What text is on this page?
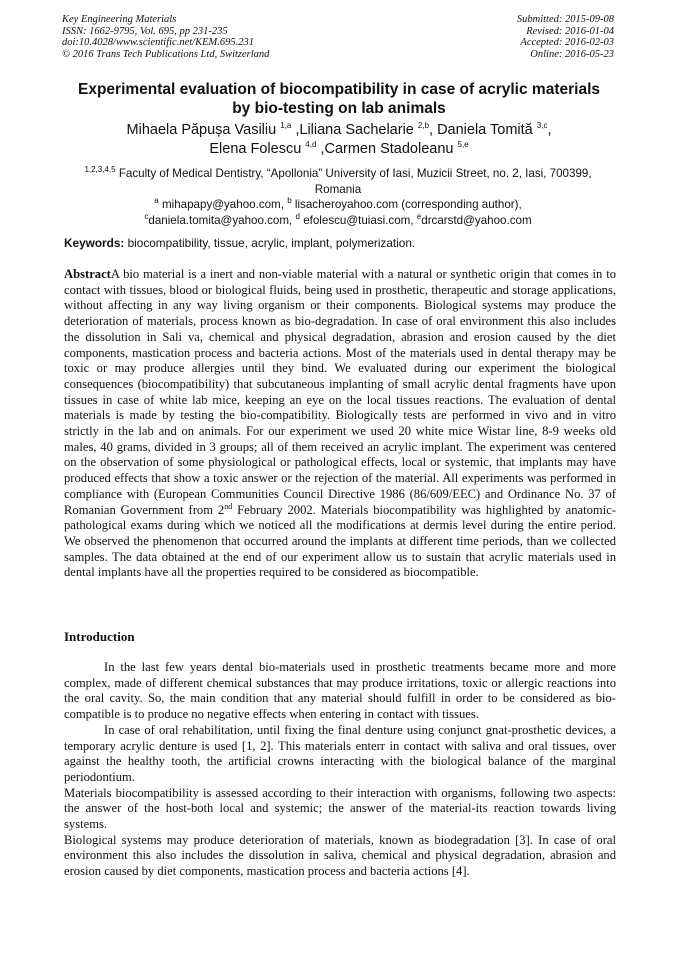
Key Engineering Materials
ISSN: 1662-9795, Vol. 695, pp 231-235
doi:10.4028/www.scientific.net/KEM.695.231
© 2016 Trans Tech Publications Ltd, Switzerland
Submitted: 2015-09-08
Revised: 2016-01-04
Accepted: 2016-02-03
Online: 2016-05-23
Experimental evaluation of biocompatibility in case of acrylic materials
by bio-testing on lab animals
Mihaela Păpușa Vasiliu $^{1,a}$ ,Liliana Sachelarie $^{2,b}$, Daniela Tomită $^{3,c}$,
Elena Folescu $^{4,d}$ ,Carmen Stadoleanu $^{5,e}$
$^{1,2,3,4,5}$ Faculty of Medical Dentistry, “Apollonia” University of Iasi, Muzicii Street, no. 2, Iasi, 700399,
Romania
$^a$ mihapapy@yahoo.com, $^b$ lisacheroyahoo.com (corresponding author),
$^c$daniela.tomita@yahoo.com, $^d$ efolescu@tuiasi.com, $^e$drcarstd@yahoo.com
Keywords: biocompatibility, tissue, acrylic, implant, polymerization.
AbstractA bio material is a inert and non-viable material with a natural or synthetic origin that comes in to contact with tissues, blood or biological fluids, being used in prosthetic, therapeutic and storage applications, without affecting in any way living organism or their components. Biological systems may produce the deterioration of materials, process known as bio-degradation. In case of oral environment this also includes the dissolution in Sali va, chemical and physical degradation, abrasion and erosion caused by the diet components, mastication process and bacteria actions. Most of the materials used in dental therapy may be toxic or may produce allergies until they bind. We evaluated during our experiment the biological consequences (biocompatibility) that subcutaneous implanting of small acrylic dental fragments have upon tissues in case of white lab mice, keeping an eye on the local tissues reactions. The evaluation of dental materials is made by testing the bio-compatibility. Biologically tests are performed in vivo and in vitro strictly in the lab and on animals. For our experiment we used 20 white mice Wistar line, 8-9 weeks old males, 40 grams, divided in 3 groups; all of them received an acrylic implant. The experiment was centered on the observation of some physiological or pathological effects, local or systemic, that implants may have produced effects that show a toxic answer or the rejection of the material. All experiments was performed in compliance with (European Communities Council Directive 1986 (86/609/EEC) and Ordinance No. 37 of Romanian Government from 2nd February 2002. Materials biocompatibility was highlighted by anatomic-pathological exams during which we noticed all the modifications at dermis level during the entire period. We observed the phenomenon that occurred around the implants at different time periods, than we collected samples. The data obtained at the end of our experiment allow us to sustain that acrylic materials used in dental implants have all the properties required to be considered as biocompatible.
Introduction

In the last few years dental bio-materials used in prosthetic treatments became more and more complex, made of different chemical substances that may produce irritations, toxic or allergic reactions into the oral cavity. So, the main condition that any material should fulfill in order to be considered as bio-compatible is to produce no negative effects when entering in contact with tissues.

In case of oral rehabilitation, until fixing the final denture using conjunct gnat-prosthetic devices, a temporary acrylic denture is used [1, 2]. This materials enterr in contact with saliva and oral tissues, over against the healthy tooth, the artificial crowns interacting with the biological balance of the marginal periodontium.

Materials biocompatibility is assessed according to their interaction with organisms, following two aspects: the answer of the host-both local and systemic; the answer of the material-its reaction towards living systems.

Biological systems may produce deterioration of materials, known as biodegradation [3]. In case of oral environment this also includes the dissolution in saliva, chemical and physical degradation, abrasion and erosion caused by diet components, mastication process and bacteria actions [4].
